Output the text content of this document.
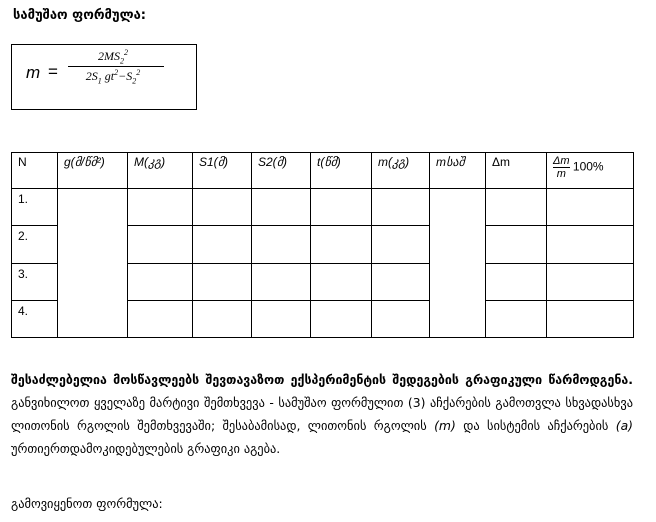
სამუშაო ფორმულა:
m =
$2MS_2^2$
$2S_1$ $gt^2-S_2^2$
N	g(მ/წმ²)	M(კგ)	S1(მ)	S2(მ)	t(წმ)	m(კგ)	mსაშ	Δm	$\frac{\Delta m}{m} 100\%$
1.									
2.									
3.									
4.									
შესაძლებელია მოსწავლეებს შევთავაზოთ ექსპერიმენტის შედეგების გრაფიკული წარმოდგენა. განვიხილოთ ყველაზე მარტივი შემთხვევა - სამუშაო ფორმულით (3) აჩქარების გამოთვლა სხვადასხვა ლითონის რგოლის შემთხვევაში; შესაბამისად, ლითონის რგოლის (m) და სისტემის აჩქარების (a) ურთიერთდამოკიდებულების გრაფიკი აგება.
გამოვიყენოთ ფორმულა:
